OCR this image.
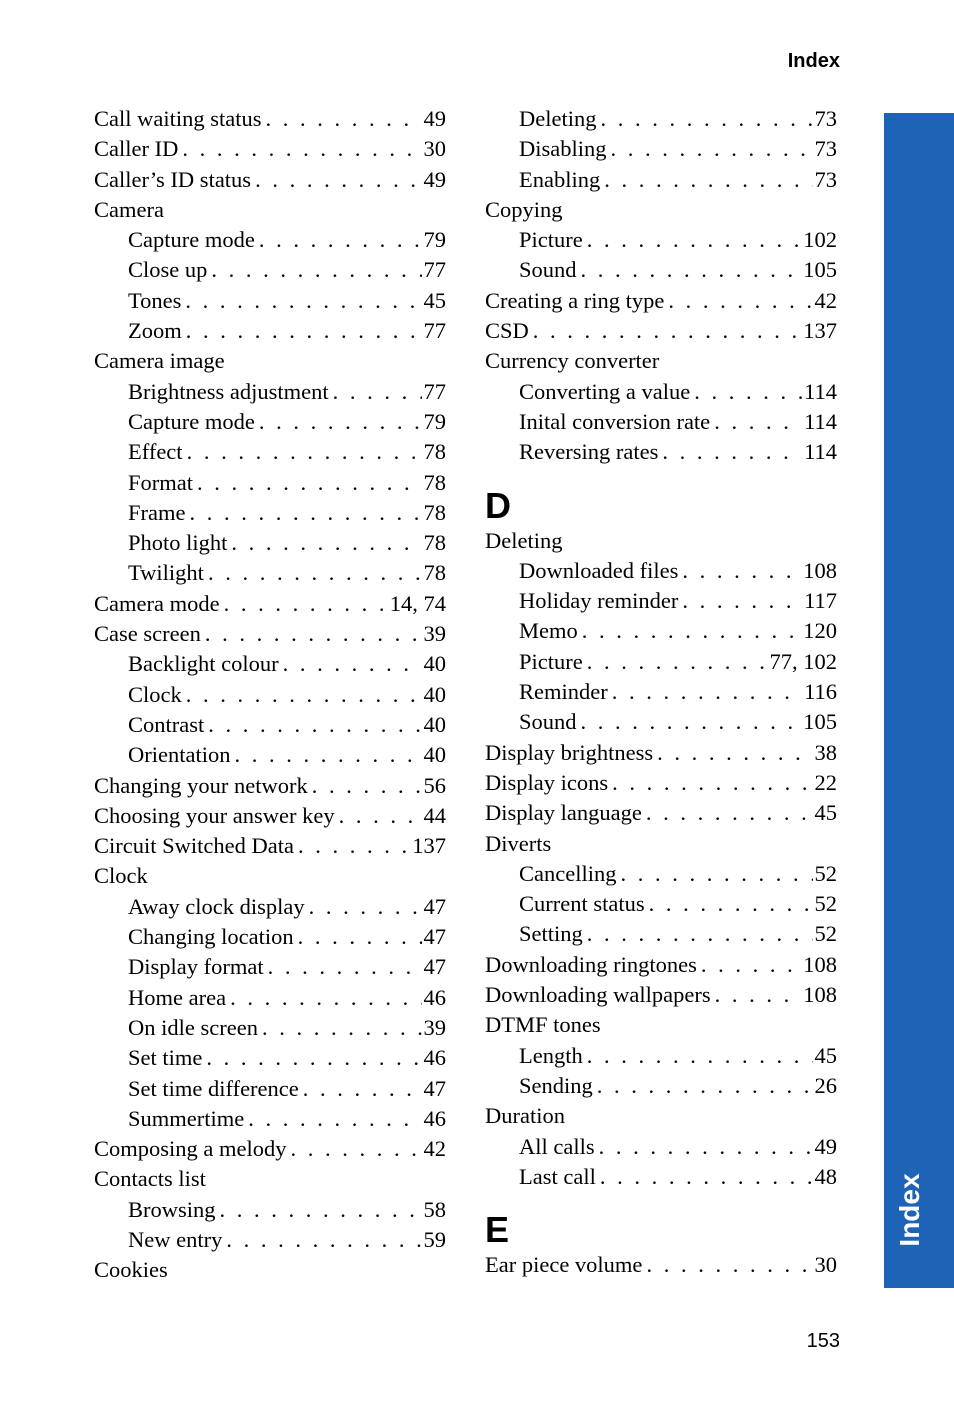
Index
Index
Call waiting status . . .	49
Caller ID . . .	30
Caller’s ID status . . .	49
Camera
Capture mode . . .	79
Close up . . .	77
Tones . . .	45
Zoom . . .	77
Camera image
Brightness adjustment . . .	77
Capture mode . . .	79
Effect . . .	78
Format . . .	78
Frame . . .	78
Photo light . . .	78
Twilight . . .	78
Camera mode . . .	14, 74
Case screen . . .	39
Backlight colour . . .	40
Clock . . .	40
Contrast . . .	40
Orientation . . .	40
Changing your network . . .	56
Choosing your answer key . . .	44
Circuit Switched Data . . .	137
Clock
Away clock display . . .	47
Changing location . . .	47
Display format . . .	47
Home area . . .	46
On idle screen . . .	39
Set time . . .	46
Set time difference . . .	47
Summertime . . .	46
Composing a melody . . .	42
Contacts list
Browsing . . .	58
New entry . . .	59
Cookies
Deleting . . .	73
Disabling . . .	73
Enabling . . .	73
Copying
Picture . . .	102
Sound . . .	105
Creating a ring type . . .	42
CSD . . .	137
Currency converter
Converting a value . . .	114
Inital conversion rate . . .	114
Reversing rates . . .	114
D
Deleting
Downloaded files . . .	108
Holiday reminder . . .	117
Memo . . .	120
Picture . . .	77, 102
Reminder . . .	116
Sound . . .	105
Display brightness . . .	38
Display icons . . .	22
Display language . . .	45
Diverts
Cancelling . . .	52
Current status . . .	52
Setting . . .	52
Downloading ringtones . . .	108
Downloading wallpapers . . .	108
DTMF tones
Length . . .	45
Sending . . .	26
Duration
All calls . . .	49
Last call . . .	48
E
Ear piece volume . . .	30
153
